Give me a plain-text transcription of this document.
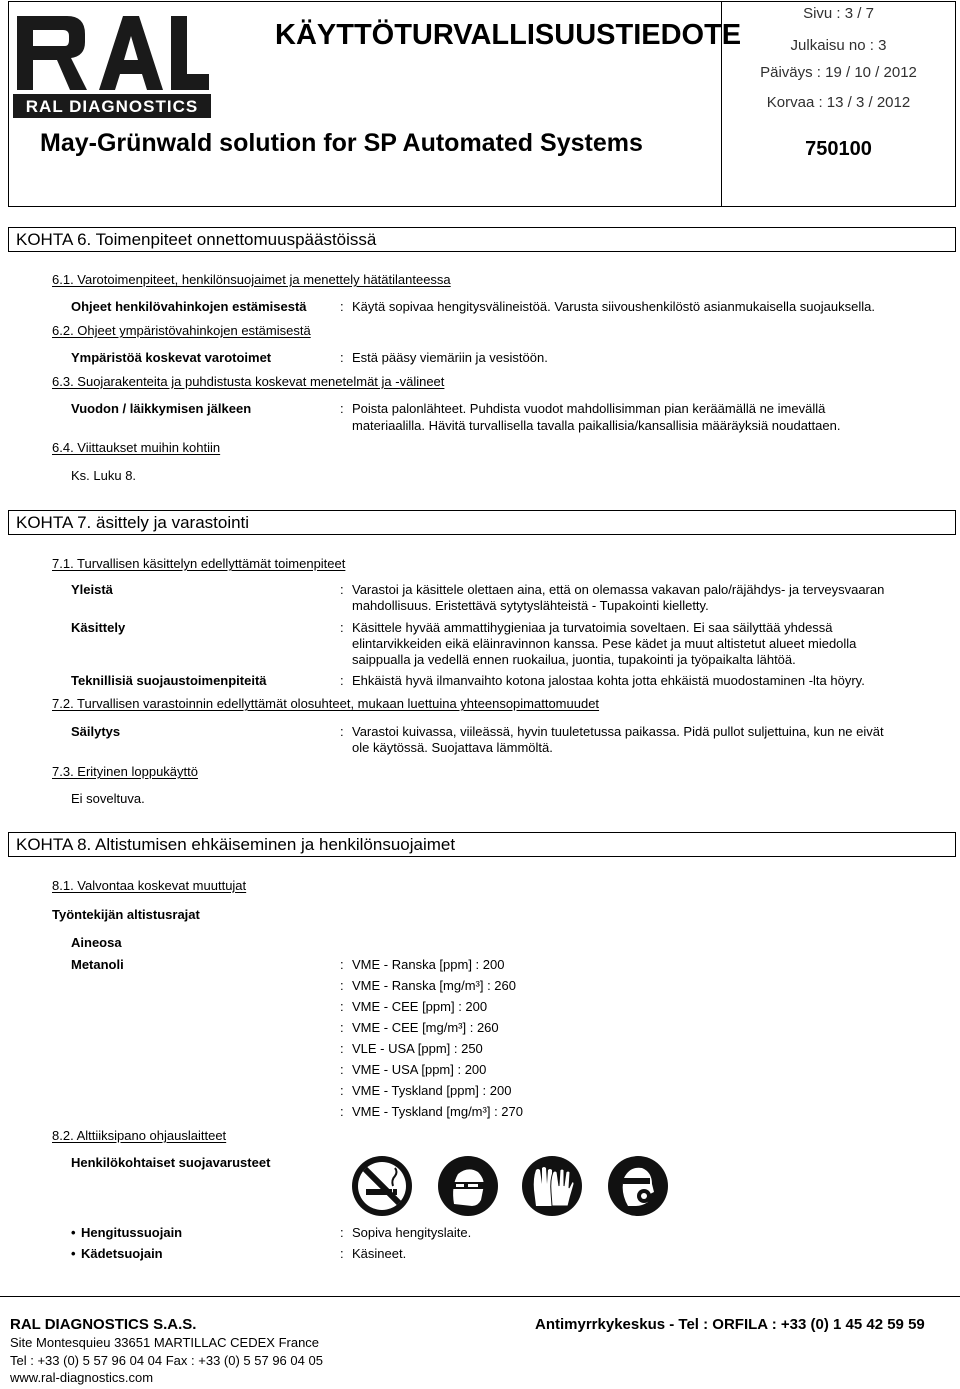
RAL DIAGNOSTICS
KÄYTTÖTURVALLISUUSTIEDOTE
May-Grünwald solution for SP Automated Systems
Sivu : 3 / 7
Julkaisu no : 3
Päiväys : 19 / 10 / 2012
Korvaa : 13 / 3 / 2012
750100
KOHTA 6. Toimenpiteet onnettomuuspäästöissä
6.1. Varotoimenpiteet, henkilönsuojaimet ja menettely hätätilanteessa
Ohjeet henkilövahinkojen estämisestä	: Käytä sopivaa hengitysvälineistöä. Varusta siivoushenkilöstö asianmukaisella suojauksella.
6.2. Ohjeet ympäristövahinkojen estämisestä
Ympäristöä koskevat varotoimet	: Estä pääsy viemäriin ja vesistöön.
6.3. Suojarakenteita ja puhdistusta koskevat menetelmät ja -välineet
Vuodon / läikkymisen jälkeen	: Poista palonlähteet. Puhdista vuodot mahdollisimman pian keräämällä ne imevällä
materiaalilla. Hävitä turvallisella tavalla paikallisia/kansallisia määräyksiä noudattaen.
6.4. Viittaukset muihin kohtiin
Ks. Luku 8.
KOHTA 7. äsittely ja varastointi
7.1. Turvallisen käsittelyn edellyttämät toimenpiteet
Yleistä	: Varastoi ja käsittele olettaen aina, että on olemassa vakavan palo/räjähdys- ja terveysvaaran
mahdollisuus. Eristettävä sytytyslähteistä - Tupakointi kielletty.
Käsittely	: Käsittele hyvää ammattihygieniaa ja turvatoimia soveltaen. Ei saa säilyttää yhdessä
elintarvikkeiden eikä eläinravinnon kanssa. Pese kädet ja muut altistetut alueet miedolla
saippualla ja vedellä ennen ruokailua, juontia, tupakointi ja työpaikalta lähtöä.
Teknillisiä suojaustoimenpiteitä	: Ehkäistä hyvä ilmanvaihto kotona jalostaa kohta jotta ehkäistä muodostaminen -lta höyry.
7.2. Turvallisen varastoinnin edellyttämät olosuhteet, mukaan luettuina yhteensopimattomuudet
Säilytys	: Varastoi kuivassa, viileässä, hyvin tuuletetussa paikassa. Pidä pullot suljettuina, kun ne eivät
ole käytössä. Suojattava lämmöltä.
7.3. Erityinen loppukäyttö
Ei soveltuva.
KOHTA 8. Altistumisen ehkäiseminen ja henkilönsuojaimet
8.1. Valvontaa koskevat muuttujat
Työntekijän altistusrajat
Aineosa
Metanoli	: VME - Ranska [ppm] : 200
: VME - Ranska [mg/m³] : 260
: VME - CEE [ppm] : 200
: VME - CEE [mg/m³] : 260
: VLE - USA [ppm] : 250
: VME - USA [ppm] : 200
: VME - Tyskland [ppm] : 200
: VME - Tyskland [mg/m³] : 270
8.2. Alttiiksipano ohjauslaitteet
Henkilökohtaiset suojavarusteet
• Hengitussuojain	: Sopiva hengityslaite.
• Kädetsuojain	: Käsineet.
RAL DIAGNOSTICS S.A.S.	Antimyrrkykeskus - Tel : ORFILA : +33 (0) 1 45 42 59 59
Site Montesquieu 33651 MARTILLAC CEDEX France
Tel : +33 (0) 5 57 96 04 04 Fax : +33 (0) 5 57 96 04 05
www.ral-diagnostics.com
